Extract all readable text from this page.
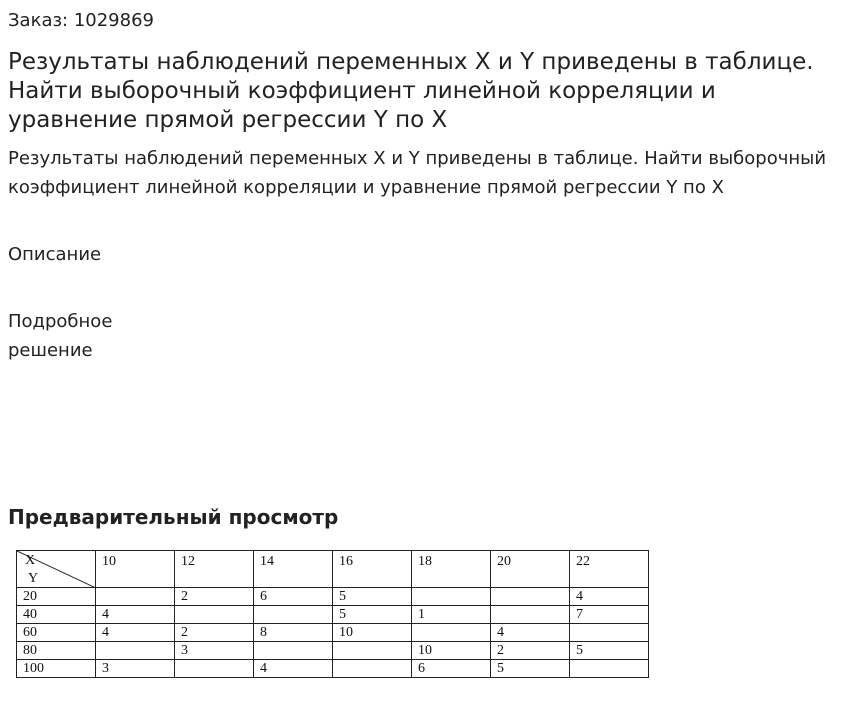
Заказ: 1029869
Результаты наблюдений переменных X и Y приведены в таблице. Найти выборочный коэффициент линейной корреляции и уравнение прямой регрессии Y по X

Результаты наблюдений переменных X и Y приведены в таблице. Найти выборочный коэффициент линейной корреляции и уравнение прямой регрессии Y по X

Описание
Подробное решение
Предварительный просмотр
X
Y	10	12	14	16	18	20	22
20		2	6	5			4
40	4			5	1		7
60	4	2	8	10		4	
80		3			10	2	5
100	3		4		6	5	
